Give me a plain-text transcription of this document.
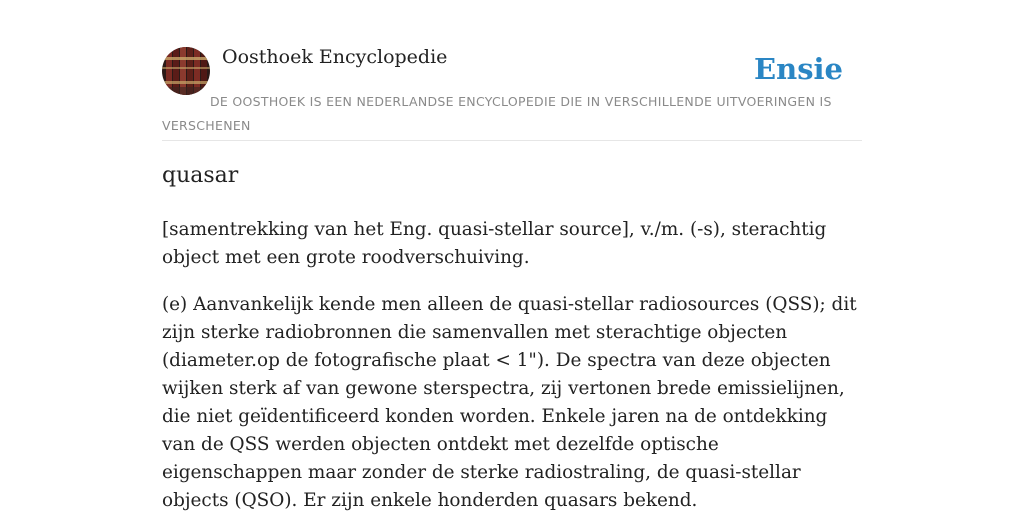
Oosthoek Encyclopedie	Ensie
DE OOSTHOEK IS EEN NEDERLANDSE ENCYCLOPEDIE DIE IN VERSCHILLENDE UITVOERINGEN IS VERSCHENEN
quasar

[samentrekking van het Eng. quasi-stellar source], v./m. (-s), sterachtig object met een grote roodverschuiving.

(e) Aanvankelijk kende men alleen de quasi-stellar radiosources (QSS); dit zijn sterke radiobronnen die samenvallen met sterachtige objecten (diameter.op de fotografische plaat < 1"). De spectra van deze objecten wijken sterk af van gewone sterspectra, zij vertonen brede emissielijnen, die niet geïdentificeerd konden worden. Enkele jaren na de ontdekking van de QSS werden objecten ontdekt met dezelfde optische eigenschappen maar zonder de sterke radiostraling, de quasi-stellar objects (QSO). Er zijn enkele honderden quasars bekend.
